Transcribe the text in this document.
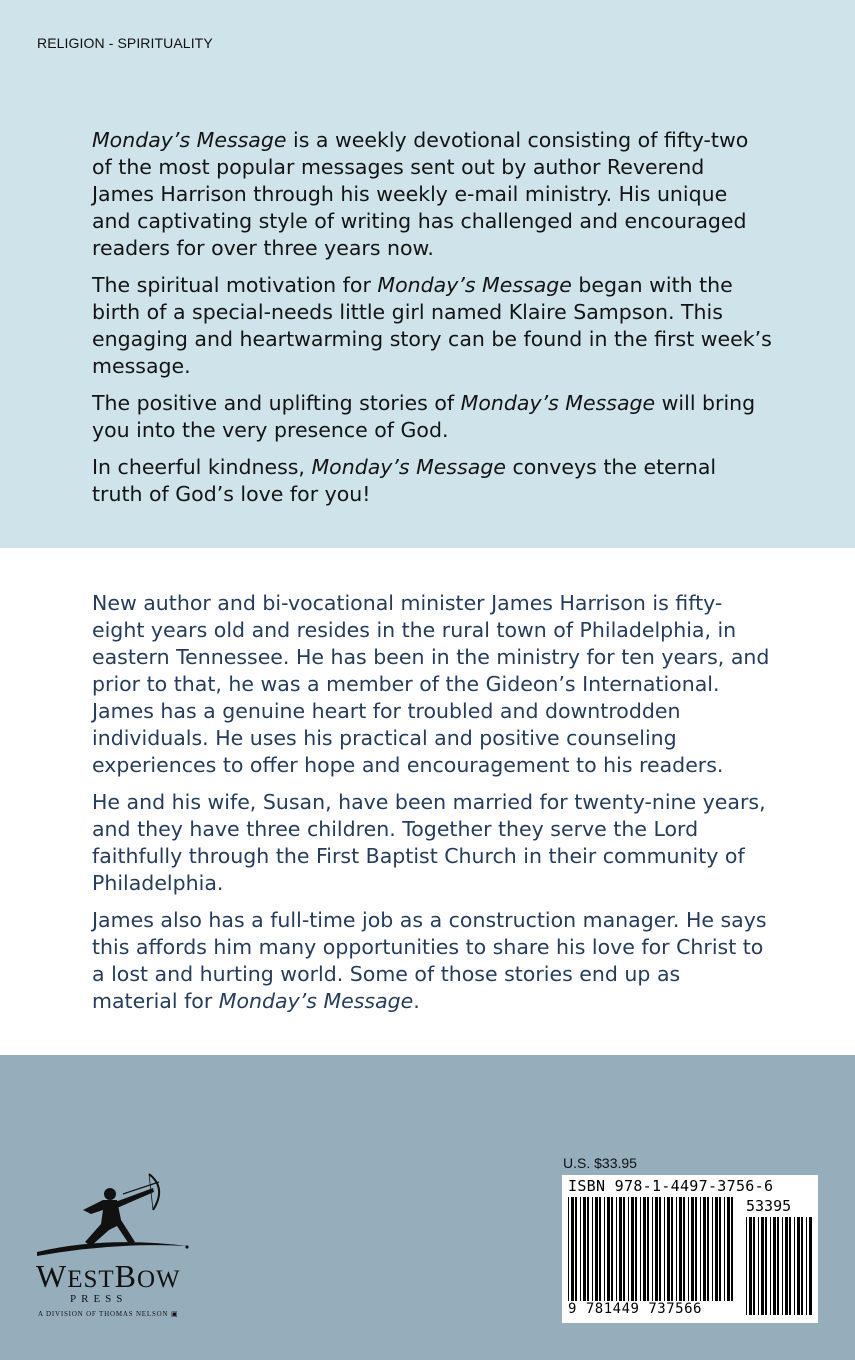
RELIGION - SPIRITUALITY

Monday’s Message is a weekly devotional consisting of fifty-two of the most popular messages sent out by author Reverend James Harrison through his weekly e-mail ministry. His unique and captivating style of writing has challenged and encouraged readers for over three years now.

The spiritual motivation for Monday’s Message began with the birth of a special-needs little girl named Klaire Sampson. This engaging and heartwarming story can be found in the first week’s message.

The positive and uplifting stories of Monday’s Message will bring you into the very presence of God.

In cheerful kindness, Monday’s Message conveys the eternal truth of God’s love for you!

New author and bi-vocational minister James Harrison is fifty-eight years old and resides in the rural town of Philadelphia, in eastern Tennessee. He has been in the ministry for ten years, and prior to that, he was a member of the Gideon’s International. James has a genuine heart for troubled and downtrodden individuals. He uses his practical and positive counseling experiences to offer hope and encouragement to his readers.

He and his wife, Susan, have been married for twenty-nine years, and they have three children. Together they serve the Lord faithfully through the First Baptist Church in their community of Philadelphia.

James also has a full-time job as a construction manager. He says this affords him many opportunities to share his love for Christ to a lost and hurting world. Some of those stories end up as material for Monday’s Message.

WESTBOW
PRESS
A DIVISION OF THOMAS NELSON ▣
U.S. $33.95
ISBN 978-1-4497-3756-6
53395
9 781449 737566
